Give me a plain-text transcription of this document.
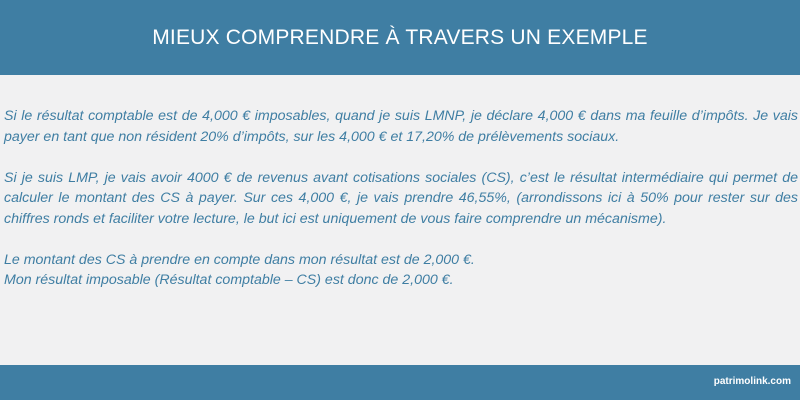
MIEUX COMPRENDRE À TRAVERS UN EXEMPLE

Si le résultat comptable est de 4,000 € imposables, quand je suis LMNP, je déclare 4,000 € dans ma feuille d’impôts. Je vais payer en tant que non résident 20% d’impôts, sur les 4,000 € et 17,20% de prélèvements sociaux.

Si je suis LMP, je vais avoir 4000 € de revenus avant cotisations sociales (CS), c’est le résultat intermédiaire qui permet de calculer le montant des CS à payer. Sur ces 4,000 €, je vais prendre 46,55%, (arrondissons ici à 50% pour rester sur des chiffres ronds et faciliter votre lecture, le but ici est uniquement de vous faire comprendre un mécanisme).

Le montant des CS à prendre en compte dans mon résultat est de 2,000 €.

Mon résultat imposable (Résultat comptable – CS) est donc de 2,000 €.

patrimolink.com
